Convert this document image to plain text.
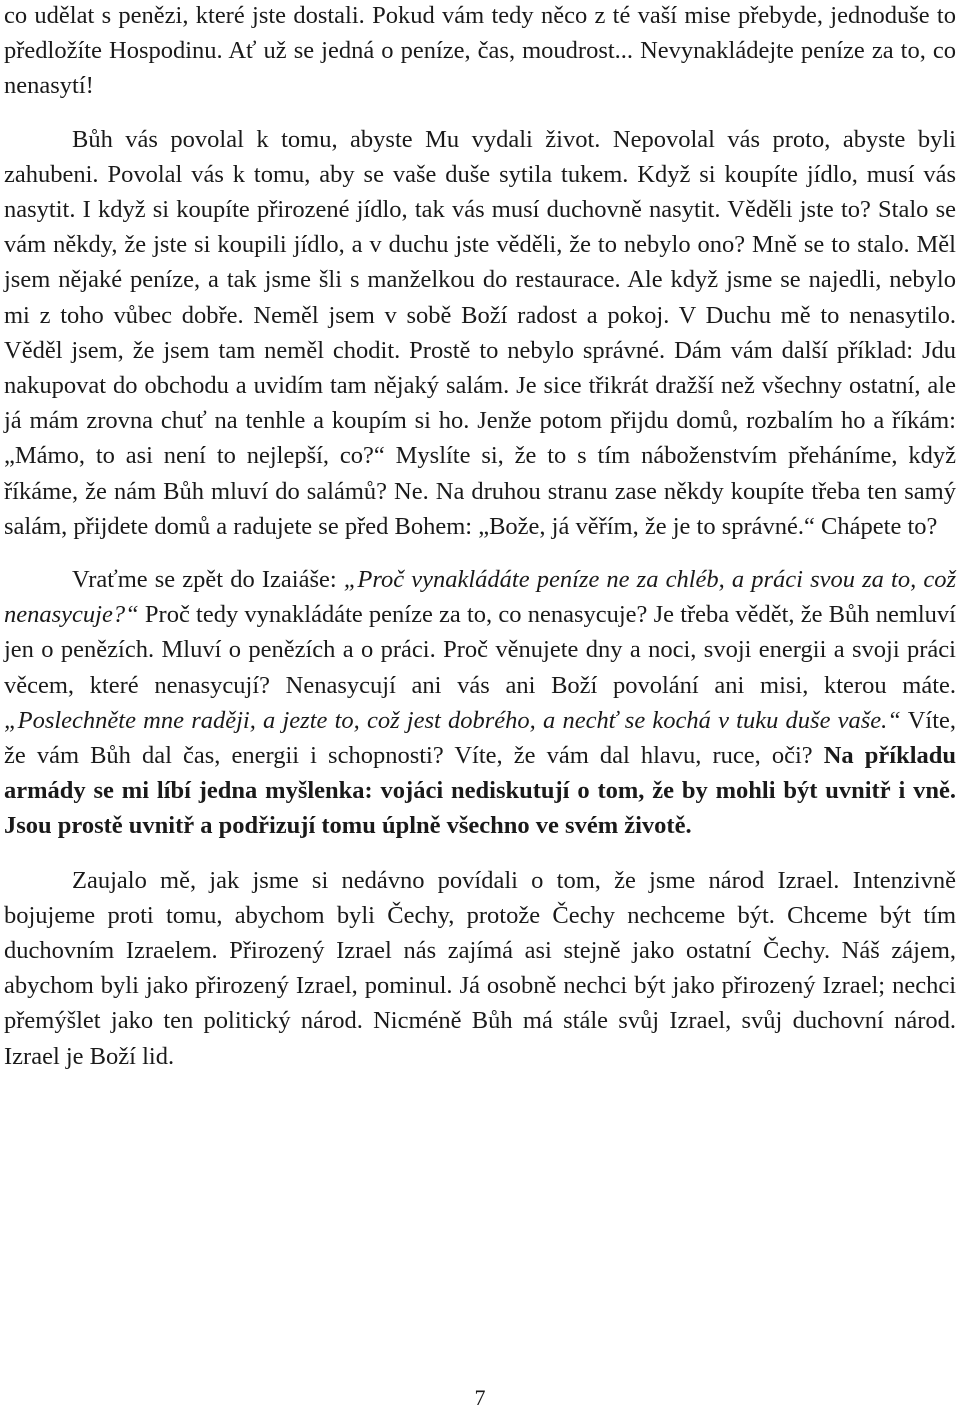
co udělat s penězi, které jste dostali. Pokud vám tedy něco z té vaší mise přebyde, jednoduše to předložíte Hospodinu. Ať už se jedná o peníze, čas, moudrost... Nevynakládejte peníze za to, co nenasytí!

Bůh vás povolal k tomu, abyste Mu vydali život. Nepovolal vás proto, abyste byli zahubeni. Povolal vás k tomu, aby se vaše duše sytila tukem. Když si koupíte jídlo, musí vás nasytit. I když si koupíte přirozené jídlo, tak vás musí duchovně nasytit. Věděli jste to? Stalo se vám někdy, že jste si koupili jídlo, a v duchu jste věděli, že to nebylo ono? Mně se to stalo. Měl jsem nějaké peníze, a tak jsme šli s manželkou do restaurace. Ale když jsme se najedli, nebylo mi z toho vůbec dobře. Neměl jsem v sobě Boží radost a pokoj. V Duchu mě to nenasytilo. Věděl jsem, že jsem tam neměl chodit. Prostě to nebylo správné. Dám vám další příklad: Jdu nakupovat do obchodu a uvidím tam nějaký salám. Je sice třikrát dražší než všechny ostatní, ale já mám zrovna chuť na tenhle a koupím si ho. Jenže potom přijdu domů, rozbalím ho a říkám: „Mámo, to asi není to nejlepší, co?“ Myslíte si, že to s tím náboženstvím přeháníme, když říkáme, že nám Bůh mluví do salámů? Ne. Na druhou stranu zase někdy koupíte třeba ten samý salám, přijdete domů a radujete se před Bohem: „Bože, já věřím, že je to správné.“ Chápete to?

Vraťme se zpět do Izaiáše: „Proč vynakládáte peníze ne za chléb, a práci svou za to, což nenasycuje?“ Proč tedy vynakládáte peníze za to, co nenasycuje? Je třeba vědět, že Bůh nemluví jen o penězích. Mluví o penězích a o práci. Proč věnujete dny a noci, svoji energii a svoji práci věcem, které nenasycují? Nenasycují ani vás ani Boží povolání ani misi, kterou máte. „Poslechněte mne raději, a jezte to, což jest dobrého, a nechť se kochá v tuku duše vaše.“ Víte, že vám Bůh dal čas, energii i schopnosti? Víte, že vám dal hlavu, ruce, oči? Na příkladu armády se mi líbí jedna myšlenka: vojáci nediskutují o tom, že by mohli být uvnitř i vně. Jsou prostě uvnitř a podřizují tomu úplně všechno ve svém životě.

Zaujalo mě, jak jsme si nedávno povídali o tom, že jsme národ Izrael. Intenzivně bojujeme proti tomu, abychom byli Čechy, protože Čechy nechceme být. Chceme být tím duchovním Izraelem. Přirozený Izrael nás zajímá asi stejně jako ostatní Čechy. Náš zájem, abychom byli jako přirozený Izrael, pominul. Já osobně nechci být jako přirozený Izrael; nechci přemýšlet jako ten politický národ. Nicméně Bůh má stále svůj Izrael, svůj duchovní národ. Izrael je Boží lid.

7
